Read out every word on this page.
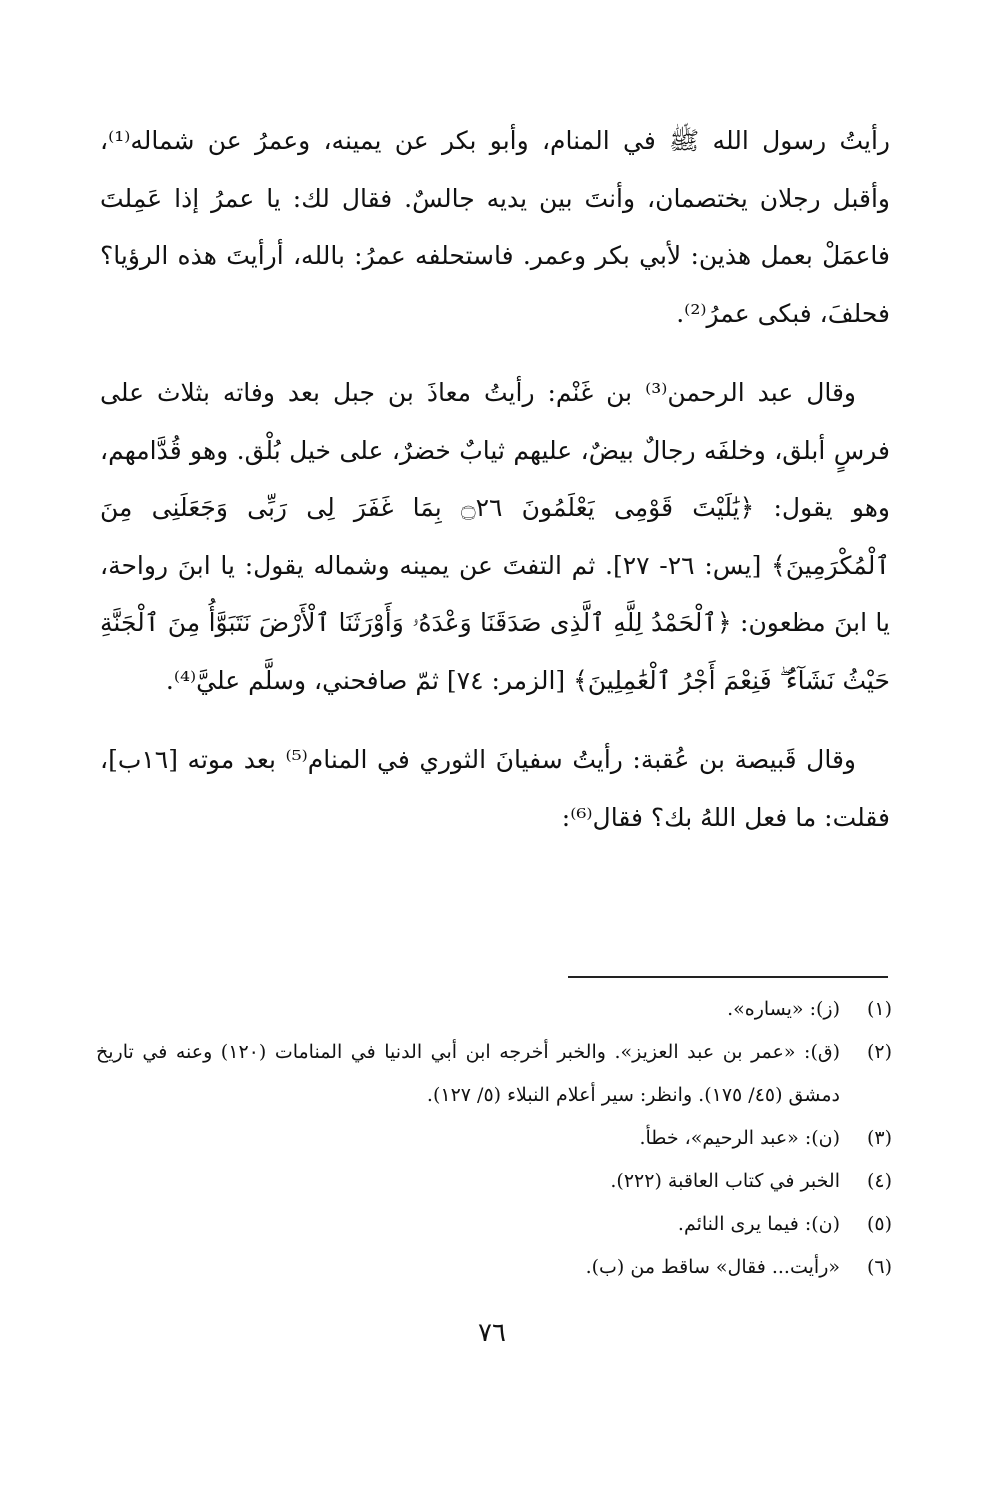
رأيتُ رسول الله ﷺ في المنام، وأبو بكر عن يمينه، وعمرُ عن شماله⁽¹⁾، وأقبل رجلان يختصمان، وأنتَ بين يديه جالسٌ. فقال لك: يا عمرُ إذا عَمِلتَ فاعمَلْ بعمل هذين: لأبي بكر وعمر. فاستحلفه عمرُ: بالله، أرأيتَ هذه الرؤيا؟ فحلفَ، فبكى عمرُ⁽²⁾.

وقال عبد الرحمن⁽³⁾ بن غَنْم: رأيتُ معاذَ بن جبل بعد وفاته بثلاث على فرسٍ أبلق، وخلفَه رجالٌ بيضٌ، عليهم ثيابٌ خضرٌ، على خيل بُلْق. وهو قُدَّامهم، وهو يقول: ﴿يَٰلَيْتَ قَوْمِى يَعْلَمُونَ ۝٢٦ بِمَا غَفَرَ لِى رَبِّى وَجَعَلَنِى مِنَ ٱلْمُكْرَمِينَ﴾ [يس: ٢٦- ٢٧]. ثم التفتَ عن يمينه وشماله يقول: يا ابنَ رواحة، يا ابنَ مظعون: ﴿ٱلْحَمْدُ لِلَّهِ ٱلَّذِى صَدَقَنَا وَعْدَهُۥ وَأَوْرَثَنَا ٱلْأَرْضَ نَتَبَوَّأُ مِنَ ٱلْجَنَّةِ حَيْثُ نَشَآءُ ۖ فَنِعْمَ أَجْرُ ٱلْعَٰمِلِينَ﴾ [الزمر: ٧٤] ثمّ صافحني، وسلَّم عليَّ⁽⁴⁾.

وقال قَبيصة بن عُقبة: رأيتُ سفيانَ الثوري في المنام⁽⁵⁾ بعد موته [١٦ب]، فقلت: ما فعل اللهُ بك؟ فقال⁽⁶⁾:

(١)
(ز): «يساره».
(٢)
(ق): «عمر بن عبد العزيز». والخبر أخرجه ابن أبي الدنيا في المنامات (١٢٠) وعنه في تاريخ دمشق (٤٥/ ١٧٥). وانظر: سير أعلام النبلاء (٥/ ١٢٧).
(٣)
(ن): «عبد الرحيم»، خطأ.
(٤)
الخبر في كتاب العاقبة (٢٢٢).
(٥)
(ن): فيما يرى النائم.
(٦)
«رأيت... فقال» ساقط من (ب).
٧٦
